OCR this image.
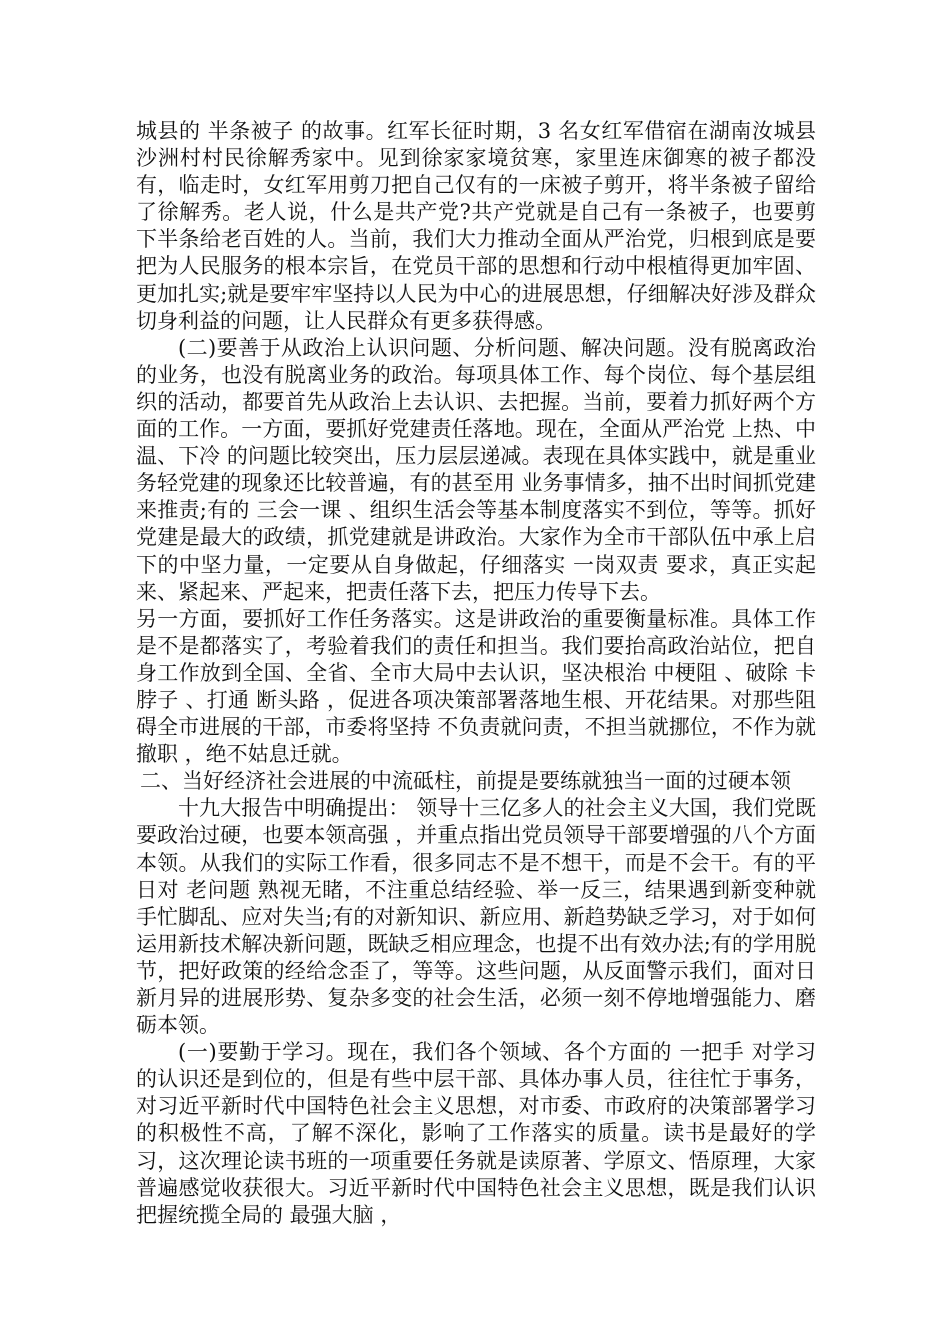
城县的 半条被子 的故事。红军长征时期，3 名女红军借宿在湖南汝城县沙洲村村民徐解秀家中。见到徐家家境贫寒，家里连床御寒的被子都没有，临走时，女红军用剪刀把自己仅有的一床被子剪开，将半条被子留给了徐解秀。老人说，什么是共产党?共产党就是自己有一条被子，也要剪下半条给老百姓的人。当前，我们大力推动全面从严治党，归根到底是要把为人民服务的根本宗旨，在党员干部的思想和行动中根植得更加牢固、更加扎实;就是要牢牢坚持以人民为中心的进展思想，仔细解决好涉及群众切身利益的问题，让人民群众有更多获得感。

(二)要善于从政治上认识问题、分析问题、解决问题。没有脱离政治的业务，也没有脱离业务的政治。每项具体工作、每个岗位、每个基层组织的活动，都要首先从政治上去认识、去把握。当前，要着力抓好两个方面的工作。一方面，要抓好党建责任落地。现在，全面从严治党 上热、中温、下冷 的问题比较突出，压力层层递减。表现在具体实践中，就是重业务轻党建的现象还比较普遍，有的甚至用 业务事情多，抽不出时间抓党建 来推责;有的 三会一课 、组织生活会等基本制度落实不到位，等等。抓好党建是最大的政绩，抓党建就是讲政治。大家作为全市干部队伍中承上启下的中坚力量，一定要从自身做起，仔细落实 一岗双责 要求，真正实起来、紧起来、严起来，把责任落下去，把压力传导下去。

另一方面，要抓好工作任务落实。这是讲政治的重要衡量标准。具体工作是不是都落实了，考验着我们的责任和担当。我们要抬高政治站位，把自身工作放到全国、全省、全市大局中去认识，坚决根治 中梗阻 、破除 卡脖子 、打通 断头路 ，促进各项决策部署落地生根、开花结果。对那些阻碍全市进展的干部，市委将坚持 不负责就问责，不担当就挪位，不作为就撤职 ，绝不姑息迁就。

二、当好经济社会进展的中流砥柱，前提是要练就独当一面的过硬本领

十九大报告中明确提出： 领导十三亿多人的社会主义大国，我们党既要政治过硬，也要本领高强 ，并重点指出党员领导干部要增强的八个方面本领。从我们的实际工作看，很多同志不是不想干，而是不会干。有的平日对 老问题 熟视无睹，不注重总结经验、举一反三，结果遇到新变种就手忙脚乱、应对失当;有的对新知识、新应用、新趋势缺乏学习，对于如何运用新技术解决新问题，既缺乏相应理念，也提不出有效办法;有的学用脱节，把好政策的经给念歪了，等等。这些问题，从反面警示我们，面对日新月异的进展形势、复杂多变的社会生活，必须一刻不停地增强能力、磨砺本领。

(一)要勤于学习。现在，我们各个领域、各个方面的 一把手 对学习的认识还是到位的，但是有些中层干部、具体办事人员，往往忙于事务，对习近平新时代中国特色社会主义思想，对市委、市政府的决策部署学习的积极性不高，了解不深化，影响了工作落实的质量。读书是最好的学习，这次理论读书班的一项重要任务就是读原著、学原文、悟原理，大家普遍感觉收获很大。习近平新时代中国特色社会主义思想，既是我们认识把握统揽全局的 最强大脑 ，
